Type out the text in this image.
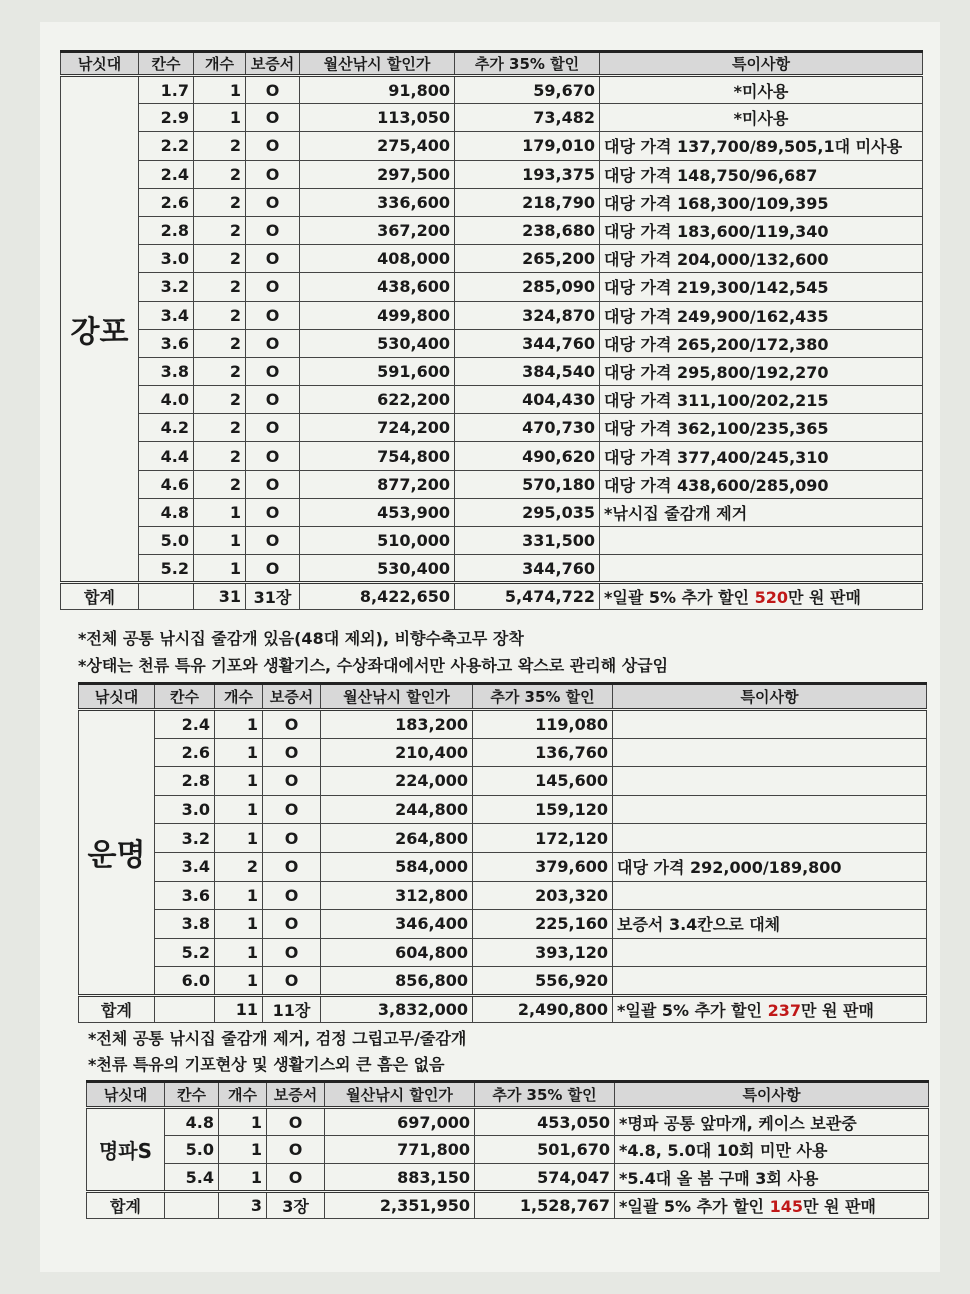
낚싯대	칸수	개수	보증서	월산낚시 할인가	추가 35% 할인	특이사항
강포	1.7	1	O	91,800	59,670	*미사용
	2.9	1	O	113,050	73,482	*미사용
	2.2	2	O	275,400	179,010	대당 가격 137,700/89,505,1대 미사용
	2.4	2	O	297,500	193,375	대당 가격 148,750/96,687
	2.6	2	O	336,600	218,790	대당 가격 168,300/109,395
	2.8	2	O	367,200	238,680	대당 가격 183,600/119,340
	3.0	2	O	408,000	265,200	대당 가격 204,000/132,600
	3.2	2	O	438,600	285,090	대당 가격 219,300/142,545
	3.4	2	O	499,800	324,870	대당 가격 249,900/162,435
	3.6	2	O	530,400	344,760	대당 가격 265,200/172,380
	3.8	2	O	591,600	384,540	대당 가격 295,800/192,270
	4.0	2	O	622,200	404,430	대당 가격 311,100/202,215
	4.2	2	O	724,200	470,730	대당 가격 362,100/235,365
	4.4	2	O	754,800	490,620	대당 가격 377,400/245,310
	4.6	2	O	877,200	570,180	대당 가격 438,600/285,090
	4.8	1	O	453,900	295,035	*낚시집 줄감개 제거
	5.0	1	O	510,000	331,500	
	5.2	1	O	530,400	344,760	
합계		31	31장	8,422,650	5,474,722	*일괄 5% 추가 할인 520만 원 판매
*전체 공통 낚시집 줄감개 있음(48대 제외), 비향수축고무 장착
*상태는 천류 특유 기포와 생활기스, 수상좌대에서만 사용하고 왁스로 관리해 상급임
낚싯대	칸수	개수	보증서	월산낚시 할인가	추가 35% 할인	특이사항
운명	2.4	1	O	183,200	119,080	
	2.6	1	O	210,400	136,760	
	2.8	1	O	224,000	145,600	
	3.0	1	O	244,800	159,120	
	3.2	1	O	264,800	172,120	
	3.4	2	O	584,000	379,600	대당 가격 292,000/189,800
	3.6	1	O	312,800	203,320	
	3.8	1	O	346,400	225,160	보증서 3.4칸으로 대체
	5.2	1	O	604,800	393,120	
	6.0	1	O	856,800	556,920	
합계		11	11장	3,832,000	2,490,800	*일괄 5% 추가 할인 237만 원 판매
*전체 공통 낚시집 줄감개 제거, 검정 그립고무/줄감개
*천류 특유의 기포현상 및 생활기스외 큰 흠은 없음
낚싯대	칸수	개수	보증서	월산낚시 할인가	추가 35% 할인	특이사항
명파S	4.8	1	O	697,000	453,050	*명파 공통 앞마개, 케이스 보관중
	5.0	1	O	771,800	501,670	*4.8, 5.0대 10회 미만 사용
	5.4	1	O	883,150	574,047	*5.4대 올 봄 구매 3회 사용
합계		3	3장	2,351,950	1,528,767	*일괄 5% 추가 할인 145만 원 판매
